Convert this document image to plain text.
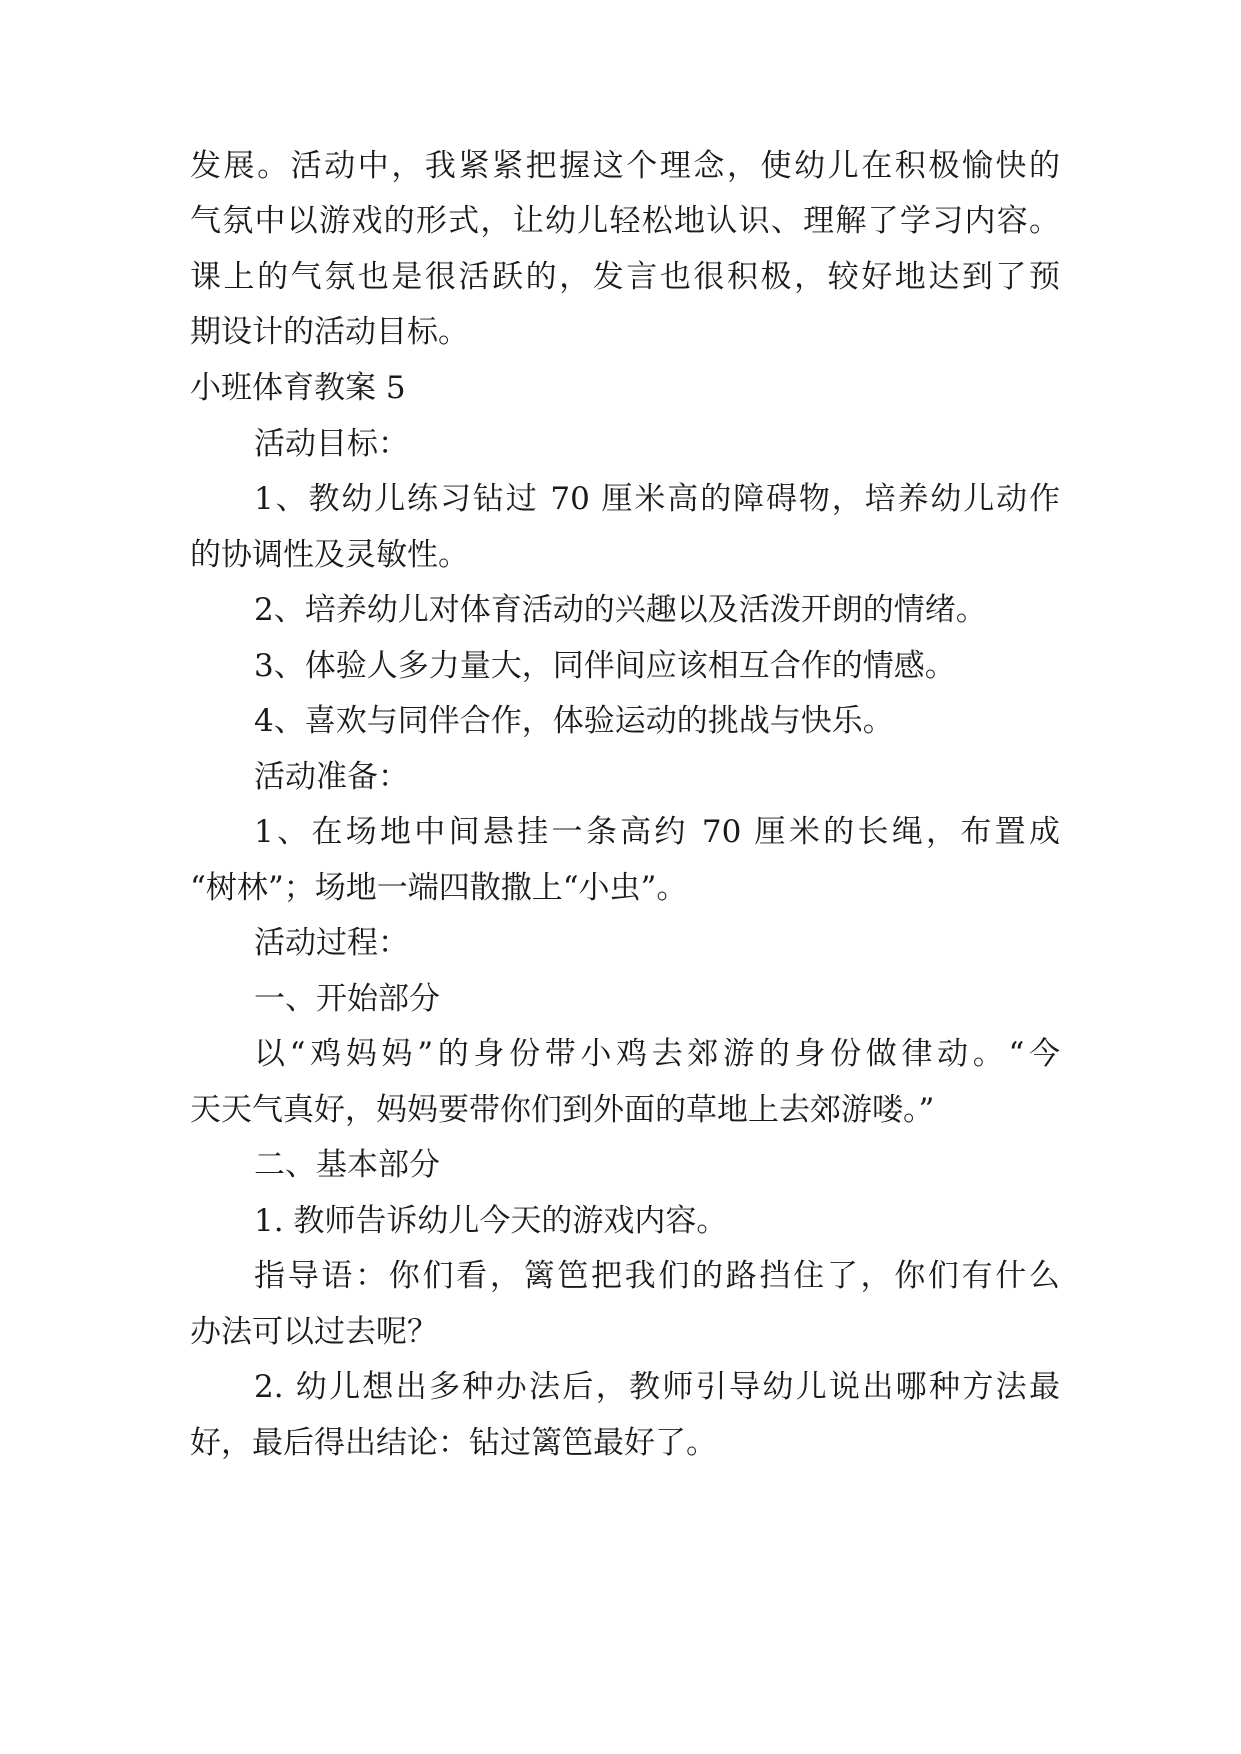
发展。活动中，我紧紧把握这个理念，使幼儿在积极愉快的
气氛中以游戏的形式，让幼儿轻松地认识、理解了学习内容。
课上的气氛也是很活跃的，发言也很积极，较好地达到了预
期设计的活动目标。
小班体育教案 5
活动目标：
1、教幼儿练习钻过 70 厘米高的障碍物，培养幼儿动作
的协调性及灵敏性。
2、培养幼儿对体育活动的兴趣以及活泼开朗的情绪。
3、体验人多力量大，同伴间应该相互合作的情感。
4、喜欢与同伴合作，体验运动的挑战与快乐。
活动准备：
1、在场地中间悬挂一条高约 70 厘米的长绳，布置成
“树林”；场地一端四散撒上“小虫”。
活动过程：
一、开始部分
以“鸡妈妈”的身份带小鸡去郊游的身份做律动。“今
天天气真好，妈妈要带你们到外面的草地上去郊游喽。”
二、基本部分
1. 教师告诉幼儿今天的游戏内容。
指导语：你们看，篱笆把我们的路挡住了，你们有什么
办法可以过去呢？
2. 幼儿想出多种办法后，教师引导幼儿说出哪种方法最
好，最后得出结论：钻过篱笆最好了。
